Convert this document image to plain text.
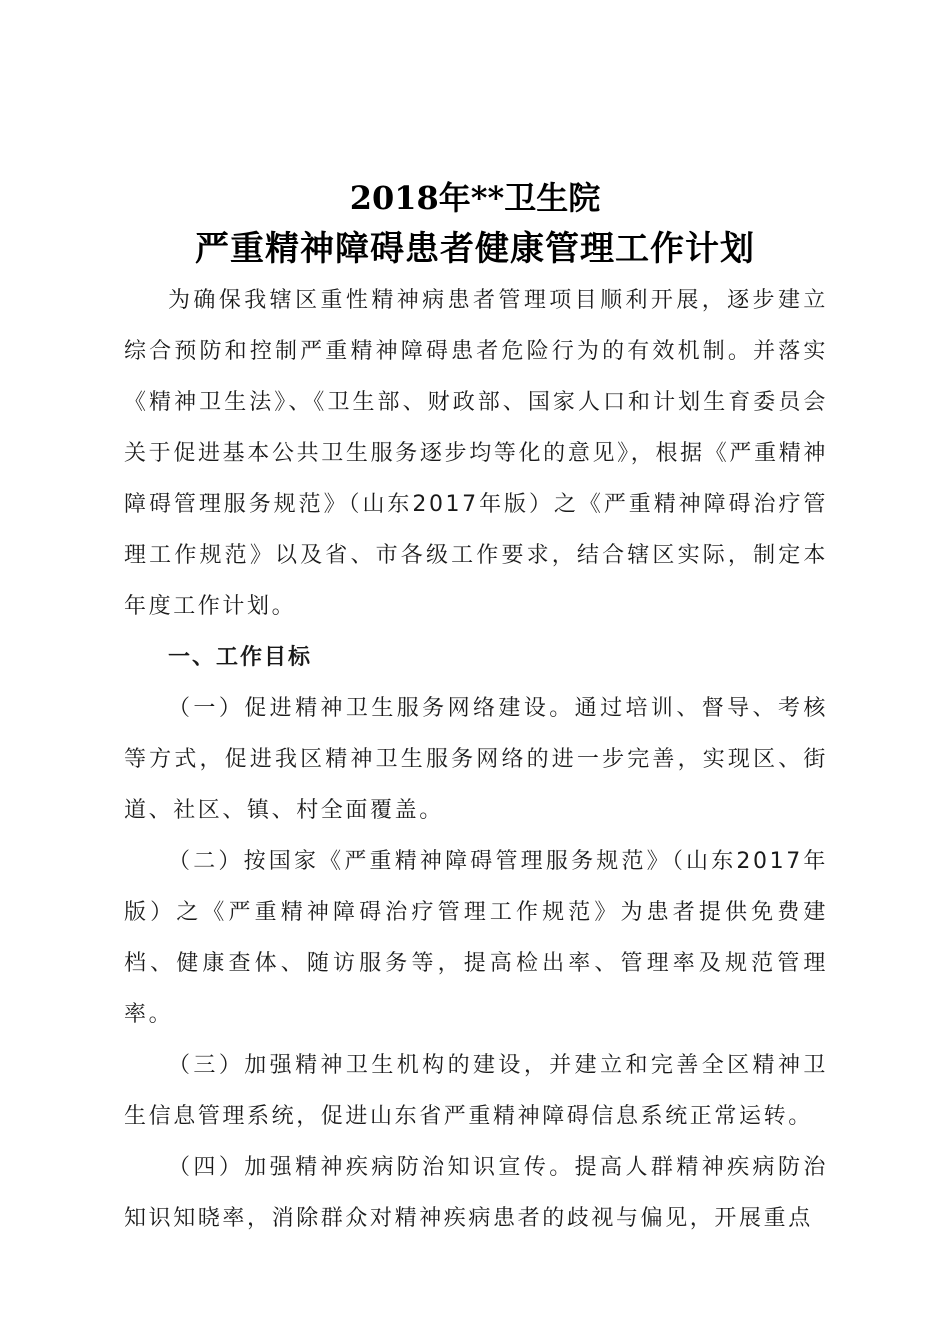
2018年**卫生院
严重精神障碍患者健康管理工作计划

为确保我辖区重性精神病患者管理项目顺利开展，逐步建立综合预防和控制严重精神障碍患者危险行为的有效机制。并落实《精神卫生法》、《卫生部、财政部、国家人口和计划生育委员会关于促进基本公共卫生服务逐步均等化的意见》，根据《严重精神障碍管理服务规范》（山东2017年版）之《严重精神障碍治疗管理工作规范》以及省、市各级工作要求，结合辖区实际，制定本年度工作计划。

一、工作目标

（一）促进精神卫生服务网络建设。通过培训、督导、考核等方式，促进我区精神卫生服务网络的进一步完善，实现区、街道、社区、镇、村全面覆盖。

（二）按国家《严重精神障碍管理服务规范》（山东2017年版）之《严重精神障碍治疗管理工作规范》为患者提供免费建档、健康查体、随访服务等，提高检出率、管理率及规范管理率。

（三）加强精神卫生机构的建设，并建立和完善全区精神卫生信息管理系统，促进山东省严重精神障碍信息系统正常运转。

（四）加强精神疾病防治知识宣传。提高人群精神疾病防治知识知晓率，消除群众对精神疾病患者的歧视与偏见，开展重点
